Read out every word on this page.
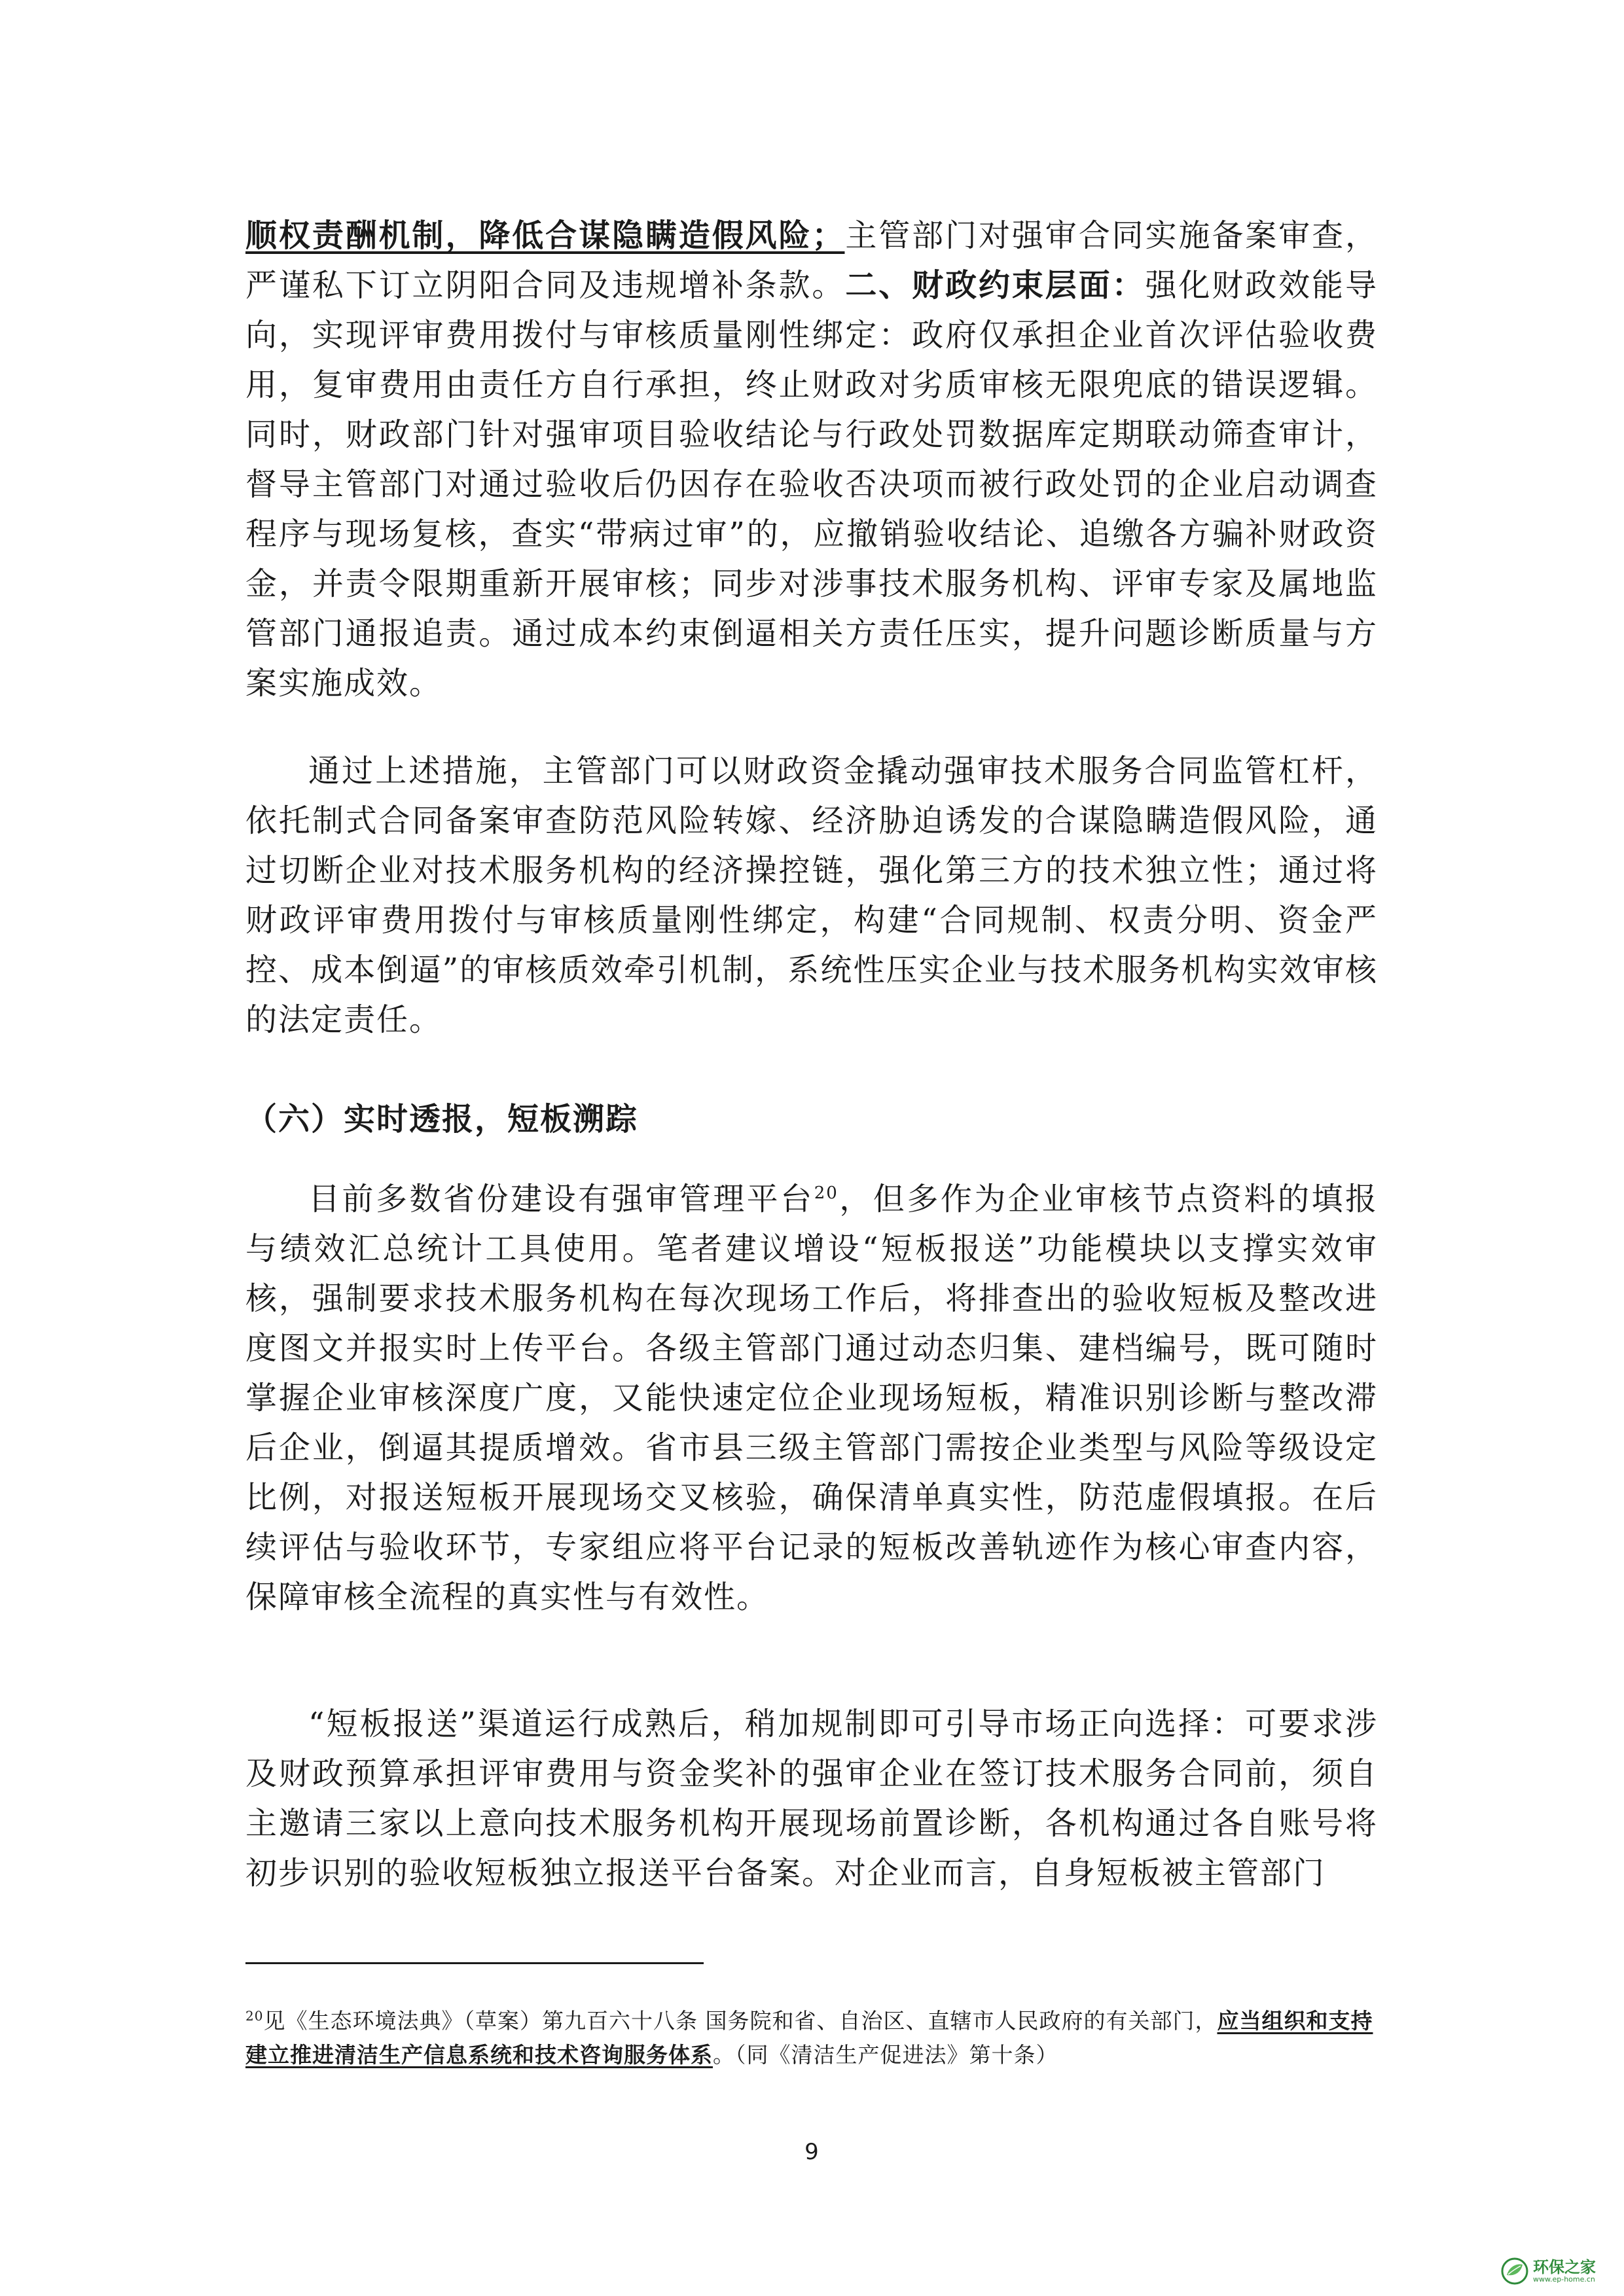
顺权责酬机制，降低合谋隐瞒造假风险；主管部门对强审合同实施备案审查，严谨私下订立阴阳合同及违规增补条款。二、财政约束层面：强化财政效能导向，实现评审费用拨付与审核质量刚性绑定：政府仅承担企业首次评估验收费用，复审费用由责任方自行承担，终止财政对劣质审核无限兜底的错误逻辑。同时，财政部门针对强审项目验收结论与行政处罚数据库定期联动筛查审计，督导主管部门对通过验收后仍因存在验收否决项而被行政处罚的企业启动调查程序与现场复核，查实“带病过审”的，应撤销验收结论、追缴各方骗补财政资金，并责令限期重新开展审核；同步对涉事技术服务机构、评审专家及属地监管部门通报追责。通过成本约束倒逼相关方责任压实，提升问题诊断质量与方案实施成效。

通过上述措施，主管部门可以财政资金撬动强审技术服务合同监管杠杆，依托制式合同备案审查防范风险转嫁、经济胁迫诱发的合谋隐瞒造假风险，通过切断企业对技术服务机构的经济操控链，强化第三方的技术独立性；通过将财政评审费用拨付与审核质量刚性绑定，构建“合同规制、权责分明、资金严控、成本倒逼”的审核质效牵引机制，系统性压实企业与技术服务机构实效审核的法定责任。

（六）实时透报，短板溯踪

目前多数省份建设有强审管理平台$^{20}$，但多作为企业审核节点资料的填报与绩效汇总统计工具使用。笔者建议增设“短板报送”功能模块以支撑实效审核，强制要求技术服务机构在每次现场工作后，将排查出的验收短板及整改进度图文并报实时上传平台。各级主管部门通过动态归集、建档编号，既可随时掌握企业审核深度广度，又能快速定位企业现场短板，精准识别诊断与整改滞后企业，倒逼其提质增效。省市县三级主管部门需按企业类型与风险等级设定比例，对报送短板开展现场交叉核验，确保清单真实性，防范虚假填报。在后续评估与验收环节，专家组应将平台记录的短板改善轨迹作为核心审查内容，保障审核全流程的真实性与有效性。

“短板报送”渠道运行成熟后，稍加规制即可引导市场正向选择：可要求涉及财政预算承担评审费用与资金奖补的强审企业在签订技术服务合同前，须自主邀请三家以上意向技术服务机构开展现场前置诊断，各机构通过各自账号将初步识别的验收短板独立报送平台备案。对企业而言，自身短板被主管部门

$^{20}$见《生态环境法典》（草案）第九百六十八条 国务院和省、自治区、直辖市人民政府的有关部门，应当组织和支持建立推进清洁生产信息系统和技术咨询服务体系。（同《清洁生产促进法》第十条）

9
环保之家
www.ep-home.cn
